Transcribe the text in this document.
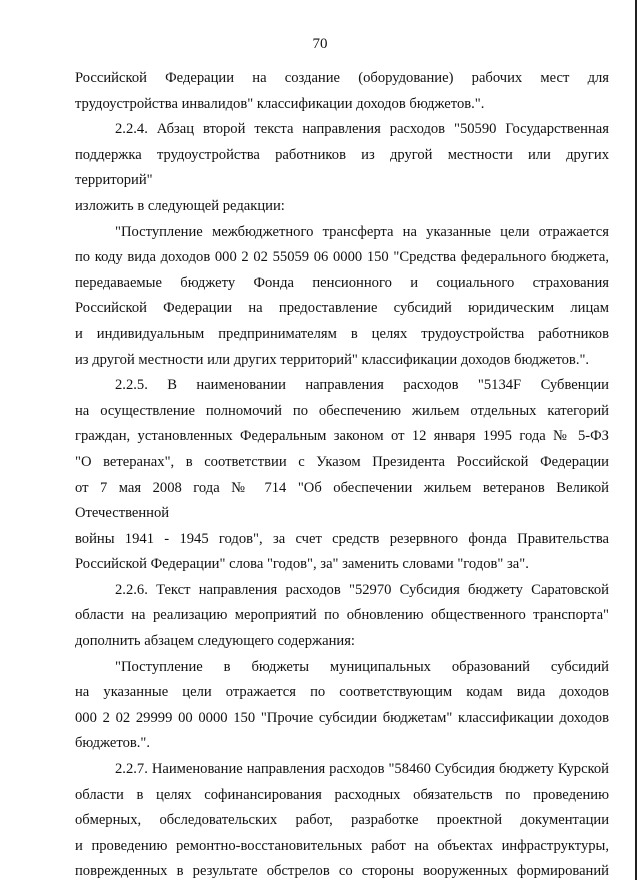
70

Российской Федерации на создание (оборудование) рабочих мест для

трудоустройства инвалидов" классификации доходов бюджетов.".

2.2.4. Абзац второй текста направления расходов "50590 Государственная

поддержка трудоустройства работников из другой местности или других территорий"

изложить в следующей редакции:

"Поступление межбюджетного трансферта на указанные цели отражается

по коду вида доходов 000 2 02 55059 06 0000 150 "Средства федерального бюджета,

передаваемые бюджету Фонда пенсионного и социального страхования

Российской Федерации на предоставление субсидий юридическим лицам

и индивидуальным предпринимателям в целях трудоустройства работников

из другой местности или других территорий" классификации доходов бюджетов.".

2.2.5. В наименовании направления расходов "5134F Субвенции

на осуществление полномочий по обеспечению жильем отдельных категорий

граждан, установленных Федеральным законом от 12 января 1995 года № 5-ФЗ

"О ветеранах", в соответствии с Указом Президента Российской Федерации

от 7 мая 2008 года № 714 "Об обеспечении жильем ветеранов Великой Отечественной

войны 1941 - 1945 годов", за счет средств резервного фонда Правительства

Российской Федерации" слова "годов", за" заменить словами "годов" за".

2.2.6. Текст направления расходов "52970 Субсидия бюджету Саратовской

области на реализацию мероприятий по обновлению общественного транспорта"

дополнить абзацем следующего содержания:

"Поступление в бюджеты муниципальных образований субсидий

на указанные цели отражается по соответствующим кодам вида доходов

000 2 02 29999 00 0000 150 "Прочие субсидии бюджетам" классификации доходов

бюджетов.".

2.2.7. Наименование направления расходов "58460 Субсидия бюджету Курской

области в целях софинансирования расходных обязательств по проведению

обмерных, обследовательских работ, разработке проектной документации

и проведению ремонтно-восстановительных работ на объектах инфраструктуры,

поврежденных в результате обстрелов со стороны вооруженных формирований
